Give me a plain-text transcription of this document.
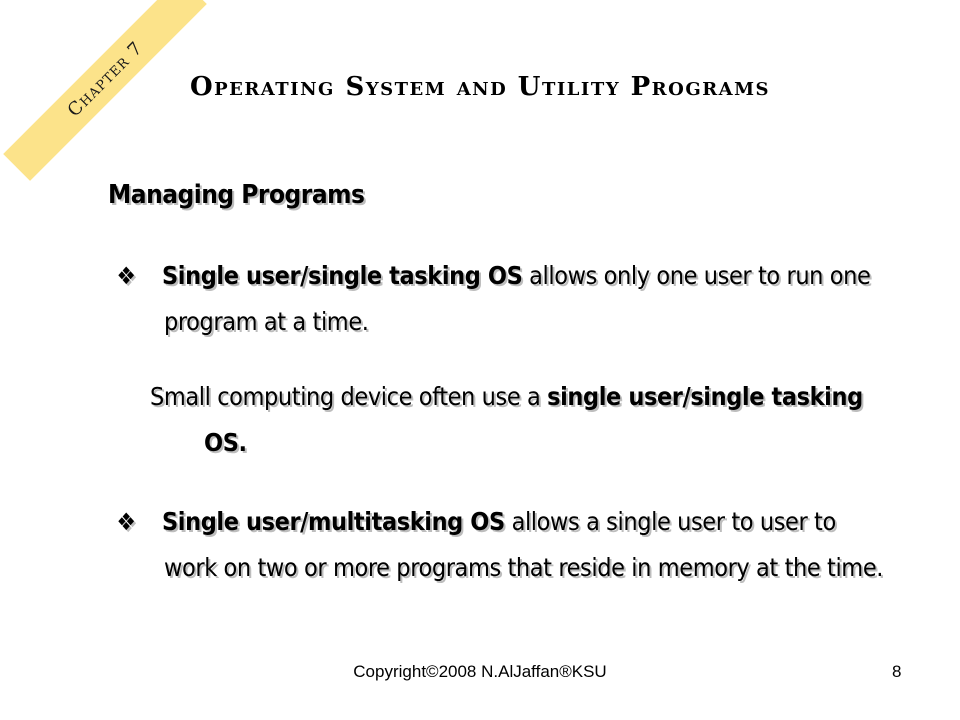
Chapter 7	Operating System and Utility Programs
Managing Programs
❖	Single user/single tasking OS allows only one user to run one
program at a time.
Small computing device often use a single user/single tasking
OS.
❖	Single user/multitasking OS allows a single user to user to
work on two or more programs that reside in memory at the time.
Copyright©2008 N.AlJaffan®KSU	8
